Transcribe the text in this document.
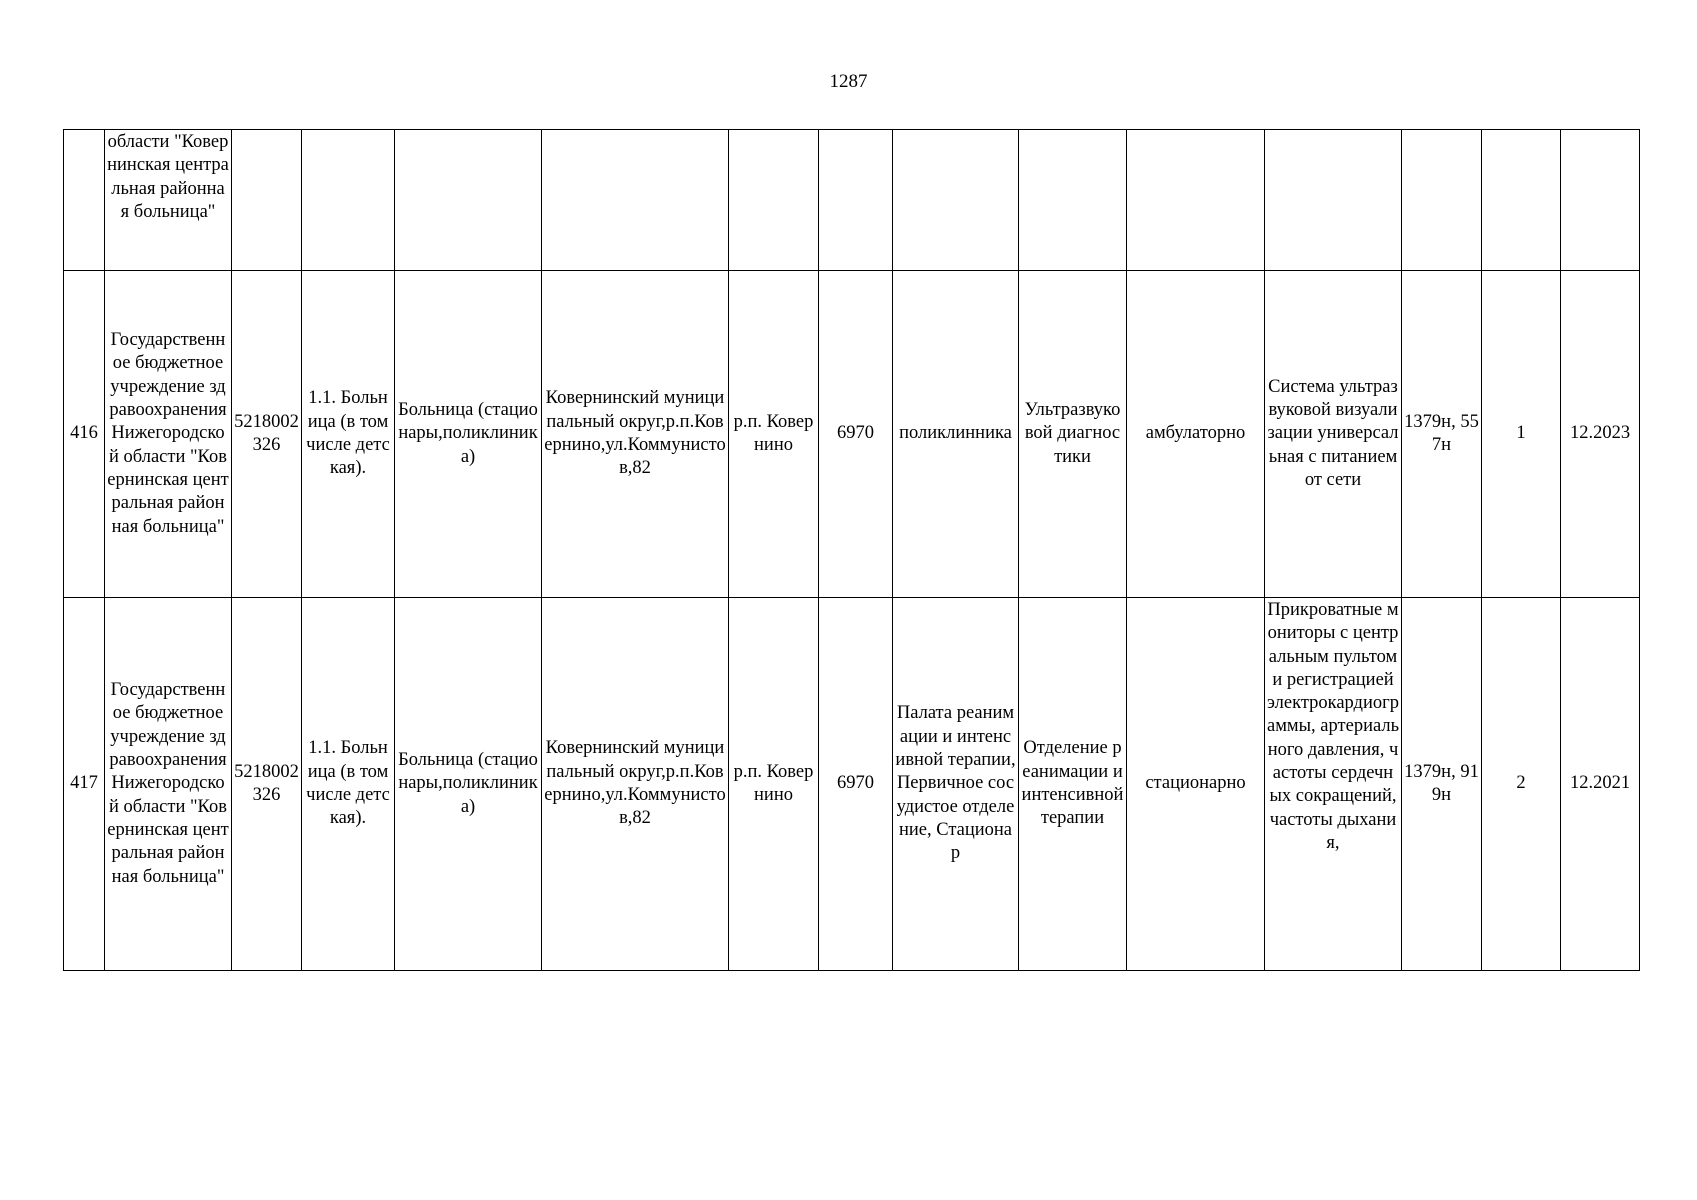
1287
	области "Ковернинская центральная районная больница"													
416	Государственное бюджетное учреждение здравоохранения Нижегородской области "Ковернинская центральная районная больница"	5218002326	1.1. Больница (в том числе детская).	Больница (стационары,поликлиника)	Ковернинский муниципальный округ,р.п.Ковернино,ул.Коммунистов,82	р.п. Ковернино	6970	поликлинника	Ультразвуковой диагностики	амбулаторно	Система ультразвуковой визуализации универсальная с питанием от сети	1379н, 557н	1	12.2023
417	Государственное бюджетное учреждение здравоохранения Нижегородской области "Ковернинская центральная районная больница"	5218002326	1.1. Больница (в том числе детская).	Больница (стационары,поликлиника)	Ковернинский муниципальный округ,р.п.Ковернино,ул.Коммунистов,82	р.п. Ковернино	6970	Палата реанимации и интенсивной терапии, Первичное сосудистое отделение, Стационар	Отделение реанимации и интенсивной терапии	стационарно	Прикроватные мониторы с центральным пультом и регистрацией электрокардиограммы, артериального давления, частоты сердечных сокращений, частоты дыхания,	1379н, 919н	2	12.2021
